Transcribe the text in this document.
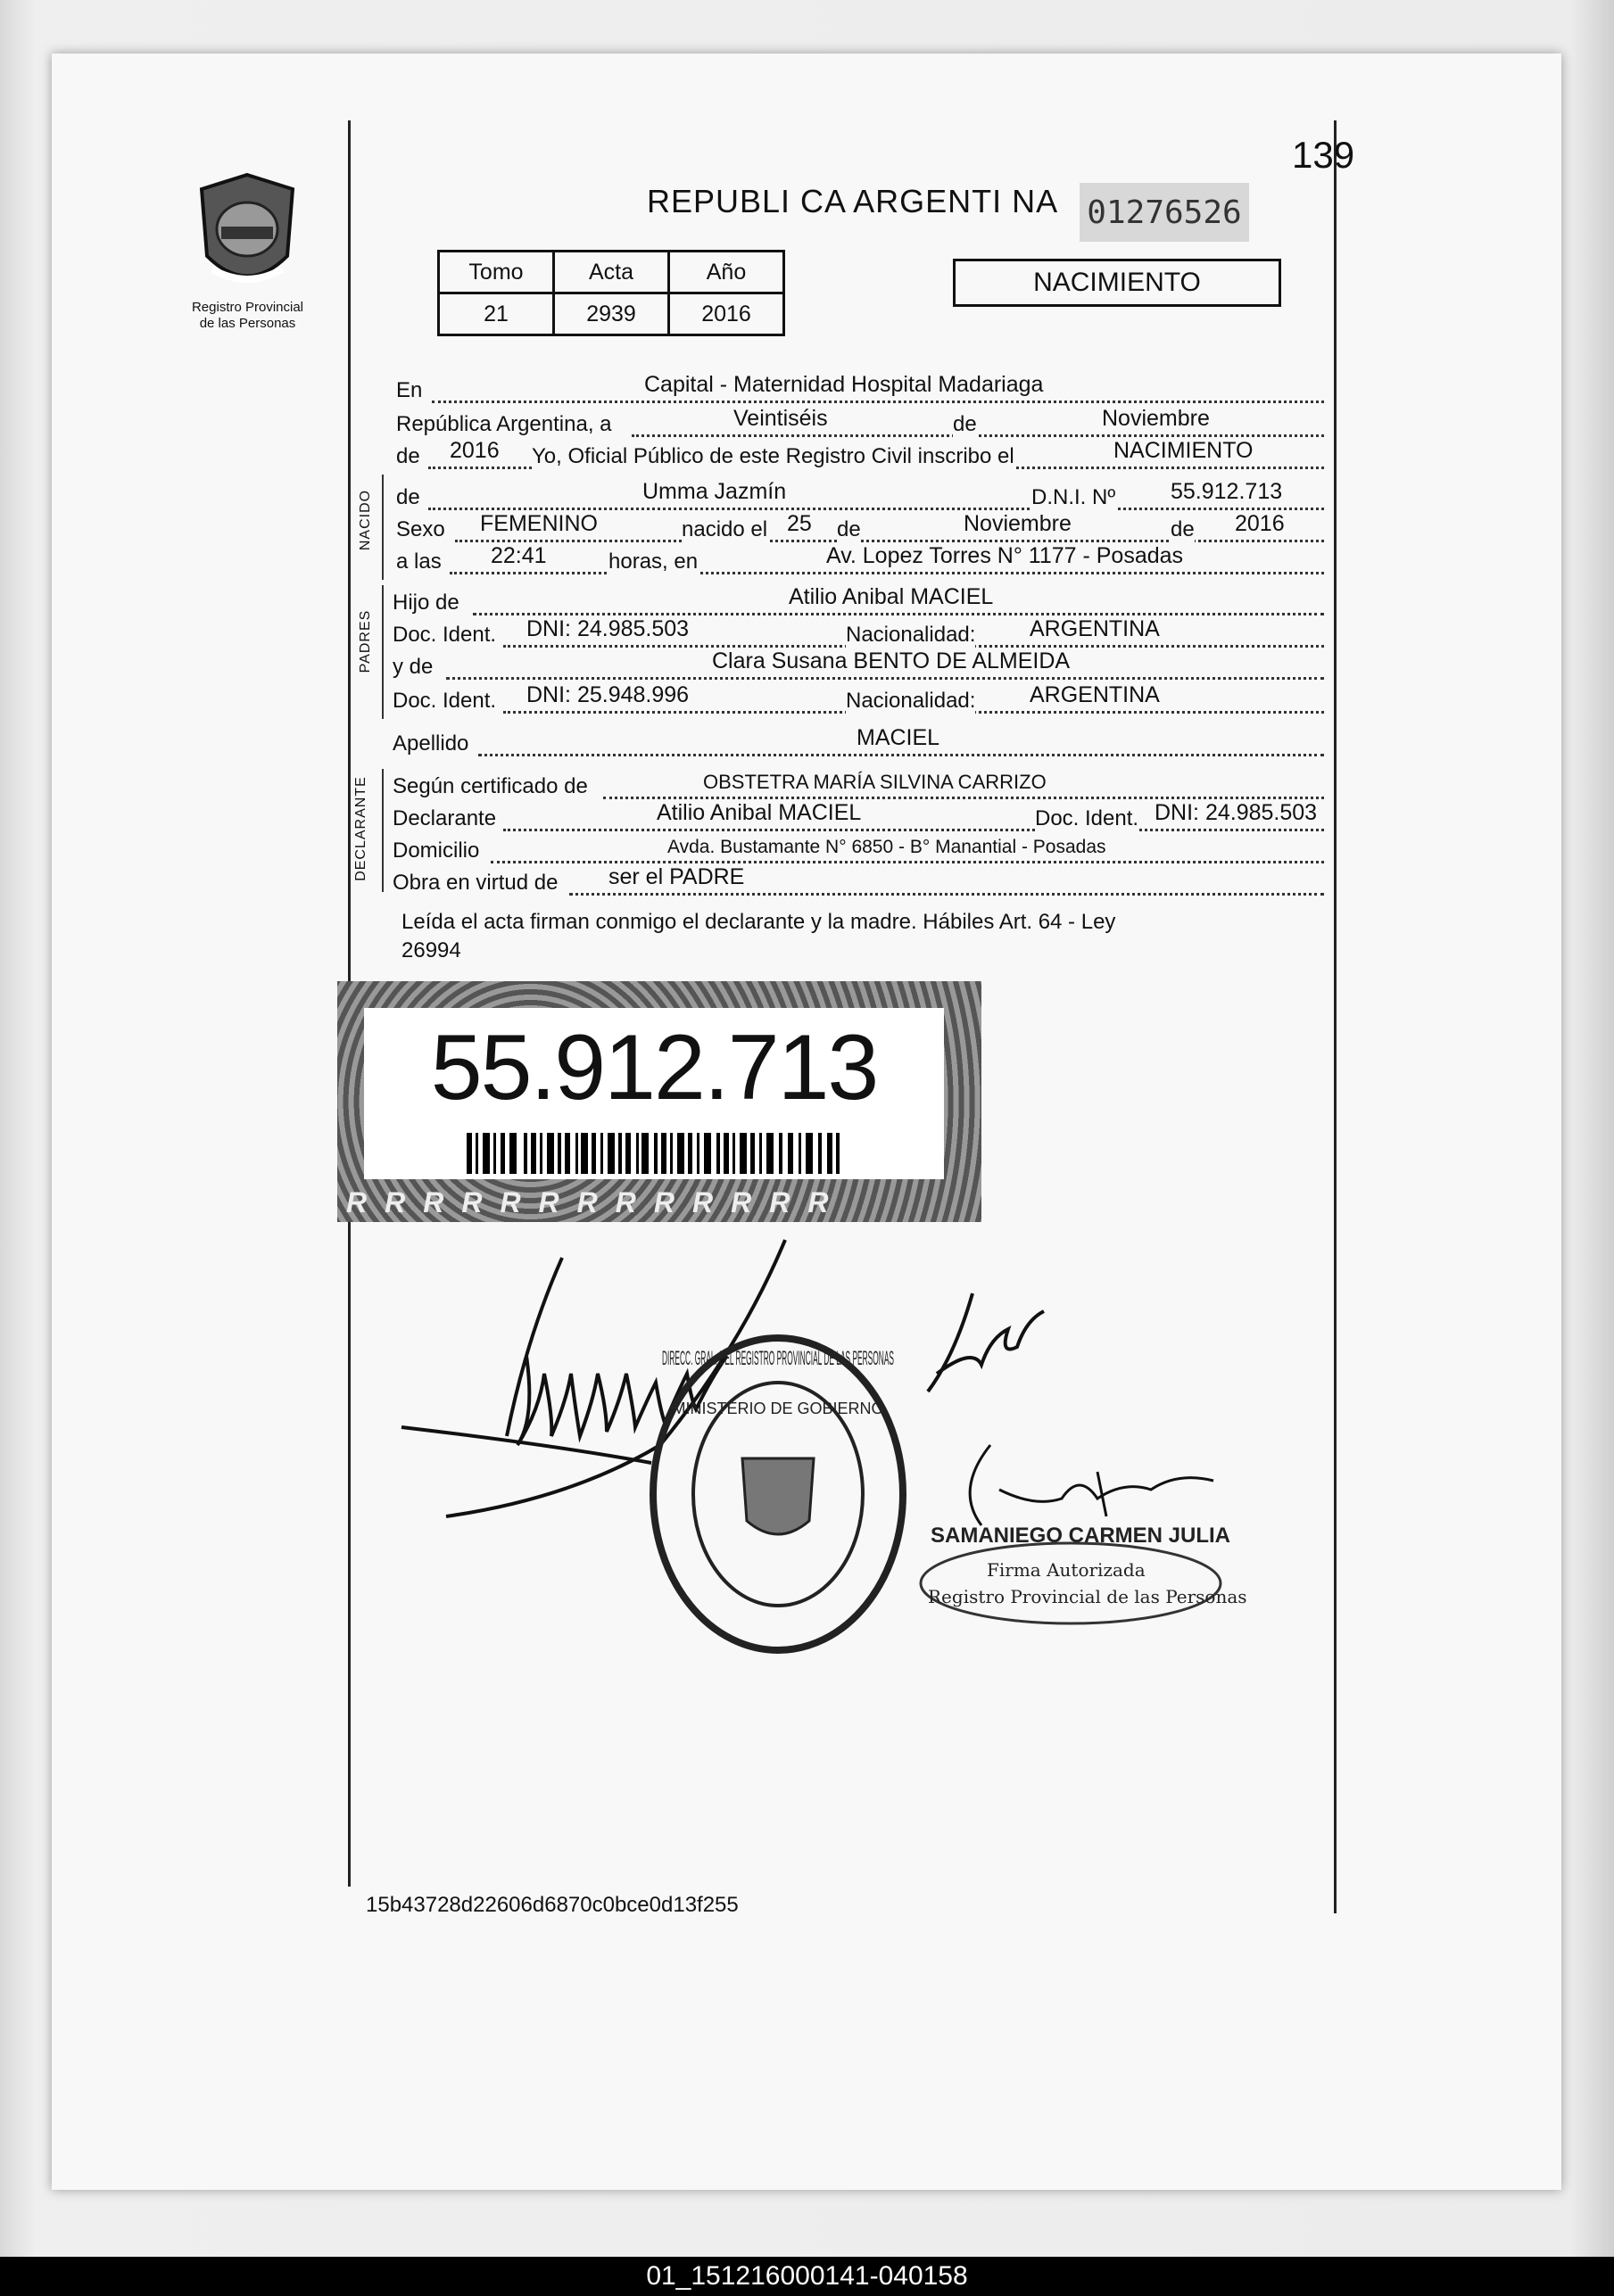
139
Registro Provincial
de las Personas
REPUBLI CA ARGENTI NA 01276526
Tomo	Acta	Año
21	2939	2016
NACIMIENTO
En	Capital - Maternidad Hospital Madariaga
República Argentina, a	Veintiséis	de	Noviembre
de 2016 Yo, Oficial Público de este Registro Civil inscribo el	NACIMIENTO
NACIDO de	Umma Jazmín	D.N.I. Nº 55.912.713
Sexo FEMENINO	nacido el 25 de	Noviembre	de 2016
a las 22:41	horas, en	Av. Lopez Torres N° 1177 - Posadas
PADRES
Hijo de	Atilio Anibal MACIEL
Doc. Ident. DNI: 24.985.503	Nacionalidad: ARGENTINA
y de	Clara Susana BENTO DE ALMEIDA
Doc. Ident. DNI: 25.948.996	Nacionalidad: ARGENTINA
Apellido	MACIEL
DECLARANTE Según certificado de	OBSTETRA MARÍA SILVINA CARRIZO
Declarante	Atilio Anibal MACIEL	Doc. Ident. DNI: 24.985.503
Domicilio	Avda. Bustamante N° 6850 - B° Manantial - Posadas
Obra en virtud de ser el PADRE
Leída el acta firman conmigo el declarante y la madre. Hábiles Art. 64 - Ley
26994
55.912.713
R R R R R R R R R R R R R
DIRECC. GRAL. DEL REGISTRO PROVINCIAL DE LAS PERSONAS
MINISTERIO DE GOBIERNO
SAMANIEGO CARMEN JULIA
Firma Autorizada
Registro Provincial de las Personas
15b43728d22606d6870c0bce0d13f255
01_151216000141-040158
